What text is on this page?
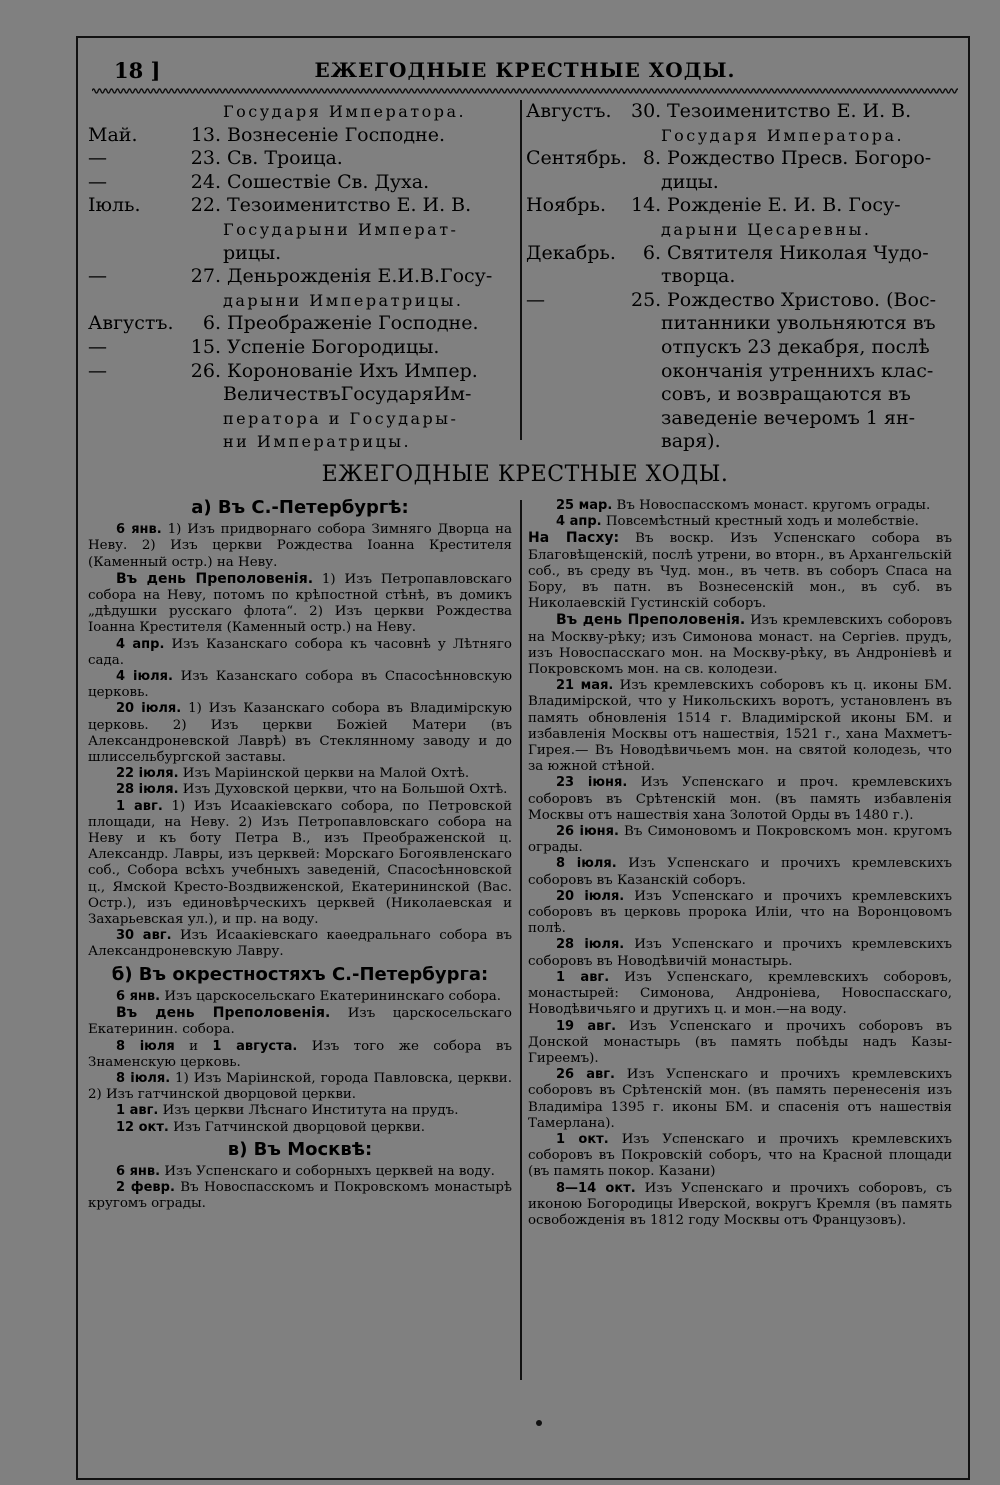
18 ]	ЕЖЕГОДНЫЕ КРЕСТНЫЕ ХОДЫ.
Государя Императора.
Май.	13. Вознесеніе Господне.
—	23. Св. Троица.
—	24. Сошествіе Св. Духа.
Іюль.	22. Тезоименитство Е. И. В.
Государыни Императ-
рицы.
—	27. Деньрожденія Е.И.В.Госу-
дарыни Императрицы.
Августъ.	6. Преображеніе Господне.
—	15. Успеніе Богородицы.
—	26. Коронованіе Ихъ Импер.
ВеличествъГосударяИм-
ператора и Государы-
ни Императрицы.
Августъ.	30. Тезоименитство Е. И. В.
Государя Императора.
Сентябрь. 8. Рождество Пресв. Богоро-
дицы.
Ноябрь.	14. Рожденіе Е. И. В. Госу-
дарыни Цесаревны.
Декабрь.	6. Святителя Николая Чудо-
творца.
—	25. Рождество Христово. (Вос-
питанники увольняются въ
отпускъ 23 декабря, послѣ
окончанія утреннихъ клас-
совъ, и возвращаются въ
заведеніе вечеромъ 1 ян-
варя).
ЕЖЕГОДНЫЕ КРЕСТНЫЕ ХОДЫ.
а) Въ С.-Петербургѣ:

6 янв. 1) Изъ придворнаго собора Зимняго Дворца на Неву. 2) Изъ церкви Рождества Іоанна Крестителя (Каменный остр.) на Неву.

Въ день Преполовенія. 1) Изъ Петропавловскаго собора на Неву, потомъ по крѣпостной стѣнѣ, въ домикъ „дѣдушки русскаго флота“. 2) Изъ церкви Рождества Іоанна Крестителя (Каменный остр.) на Неву.

4 апр. Изъ Казанскаго собора къ часовнѣ у Лѣтняго сада.

4 іюля. Изъ Казанскаго собора въ Спасосѣнновскую церковь.

20 іюля. 1) Изъ Казанскаго собора въ Владимірскую церковь. 2) Изъ церкви Божіей Матери (въ Александроневской Лаврѣ) въ Стеклянному заводу и до шлиссельбургской заставы.

22 іюля. Изъ Маріинской церкви на Малой Охтѣ.

28 іюля. Изъ Духовской церкви, что на Большой Охтѣ.

1 авг. 1) Изъ Исаакіевскаго собора, по Петровской площади, на Неву. 2) Изъ Петропавловскаго собора на Неву и къ боту Петра В., изъ Преображенской ц. Александр. Лавры, изъ церквей: Морскаго Богоявленскаго соб., Собора всѣхъ учебныхъ заведеній, Спасосѣнновской ц., Ямской Кресто-Воздвиженской, Екатерининской (Вас. Остр.), изъ единовѣрческихъ церквей (Николаевская и Захарьевская ул.), и пр. на воду.

30 авг. Изъ Исаакіевскаго каѳедральнаго собора въ Александроневскую Лавру.

б) Въ окрестностяхъ С.-Петербурга:

6 янв. Изъ царскосельскаго Екатерининскаго собора.

Въ день Преполовенія. Изъ царскосельскаго Екатеринин. собора.

8 іюля и 1 августа. Изъ того же собора въ Знаменскую церковь.

8 іюля. 1) Изъ Маріинской, города Павловска, церкви. 2) Изъ гатчинской дворцовой церкви.

1 авг. Изъ церкви Лѣснаго Института на прудъ.

12 окт. Изъ Гатчинской дворцовой церкви.

в) Въ Москвѣ:

6 янв. Изъ Успенскаго и соборныхъ церквей на воду.

2 февр. Въ Новоспасскомъ и Покровскомъ монастырѣ кругомъ ограды.

25 мар. Въ Новоспасскомъ монаст. кругомъ ограды.

4 апр. Повсемѣстный крестный ходъ и молебствіе.

На Пасху: Въ воскр. Изъ Успенскаго собора въ Благовѣщенскій, послѣ утрени, во вторн., въ Архангельскій соб., въ среду въ Чуд. мон., въ четв. въ соборъ Спаса на Бору, въ патн. въ Вознесенскій мон., въ суб. въ Николаевскій Густинскій соборъ.

Въ день Преполовенія. Изъ кремлевскихъ соборовъ на Москву-рѣку; изъ Симонова монаст. на Сергіев. прудъ, изъ Новоспасскаго мон. на Москву-рѣку, въ Андроніевѣ и Покровскомъ мон. на св. колодези.

21 мая. Изъ кремлевскихъ соборовъ къ ц. иконы БМ. Владимірской, что у Никольскихъ воротъ, установленъ въ память обновленія 1514 г. Владимірской иконы БМ. и избавленія Москвы отъ нашествія, 1521 г., хана Махметъ-Гирея.— Въ Новодѣвичьемъ мон. на святой колодезь, что за южной стѣной.

23 іюня. Изъ Успенскаго и проч. кремлевскихъ соборовъ въ Срѣтенскій мон. (въ память избавленія Москвы отъ нашествія хана Золотой Орды въ 1480 г.).

26 іюня. Въ Симоновомъ и Покровскомъ мон. кругомъ ограды.

8 іюля. Изъ Успенскаго и прочихъ кремлевскихъ соборовъ въ Казанскій соборъ.

20 іюля. Изъ Успенскаго и прочихъ кремлевскихъ соборовъ въ церковь пророка Иліи, что на Воронцовомъ полѣ.

28 іюля. Изъ Успенскаго и прочихъ кремлевскихъ соборовъ въ Новодѣвичій монастырь.

1 авг. Изъ Успенскаго, кремлевскихъ соборовъ, монастырей: Симонова, Андроніева, Новоспасскаго, Новодѣвичьяго и другихъ ц. и мон.—на воду.

19 авг. Изъ Успенскаго и прочихъ соборовъ въ Донской монастырь (въ память побѣды надъ Казы-Гиреемъ).

26 авг. Изъ Успенскаго и прочихъ кремлевскихъ соборовъ въ Срѣтенскій мон. (въ память перенесенія изъ Владиміра 1395 г. иконы БМ. и спасенія отъ нашествія Тамерлана).

1 окт. Изъ Успенскаго и прочихъ кремлевскихъ соборовъ въ Покровскій соборъ, что на Красной площади (въ память покор. Казани)

8—14 окт. Изъ Успенскаго и прочихъ соборовъ, съ иконою Богородицы Иверской, вокругъ Кремля (въ память освобожденія въ 1812 году Москвы отъ Французовъ).
